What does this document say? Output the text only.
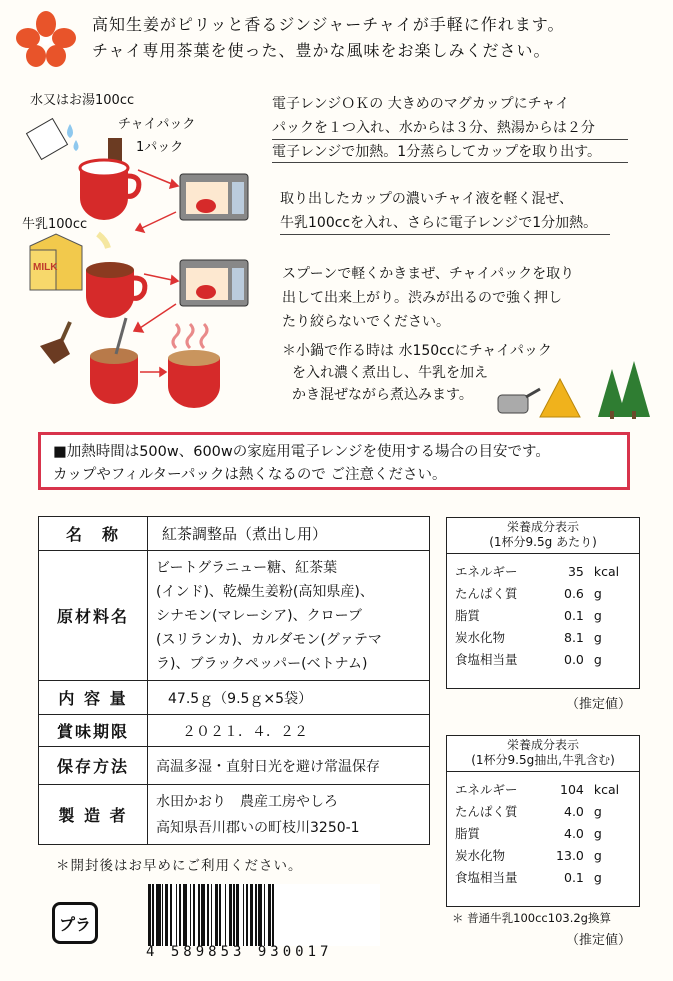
高知生姜がピリッと香るジンジャーチャイが手軽に作れます。
チャイ専用茶葉を使った、豊かな風味をお楽しみください。
水又はお湯100cc
チャイパック
1パック
牛乳100cc
MILK
電子レンジＯＫの 大きめのマグカップにチャイ
パックを１つ入れ、水からは３分、熱湯からは２分
電子レンジで加熱。1分蒸らしてカップを取り出す。
取り出したカップの濃いチャイ液を軽く混ぜ、
牛乳100ccを入れ、さらに電子レンジで1分加熱。
スプーンで軽くかきまぜ、チャイパックを取り
出して出来上がり。渋みが出るので強く押し
たり絞らないでください。
＊小鍋で作る時は 水150ccにチャイパック
を入れ濃く煮出し、牛乳を加え
かき混ぜながら煮込みます。
■加熱時間は500w、600wの家庭用電子レンジを使用する場合の目安です。
カップやフィルターパックは熱くなるので ご注意ください。
名　称	紅茶調整品（煮出し用）
原材料名	ビートグラニュー糖、紅茶葉
(インド)、乾燥生姜粉(高知県産)、
シナモン(マレーシア)、クローブ
(スリランカ)、カルダモン(グァテマ
ラ)、ブラックペッパー(ベトナム)

内 容 量	47.5ｇ（9.5ｇ×5袋）
賞味期限	２０２１．４．２２
保存方法	高温多湿・直射日光を避け常温保存
製 造 者	水田かおり　農産工房やしろ
高知県吾川郡いの町枝川3250-1
＊開封後はお早めにご利用ください。
栄養成分表示
(1杯分9.5g あたり)
エネルギー	35 kcal
たんぱく質	0.6 g
脂質	0.1 g
炭水化物	8.1 g
食塩相当量	0.0 g
（推定値）
栄養成分表示
(1杯分9.5g抽出,牛乳含む)
エネルギー	104 kcal
たんぱく質	4.0 g
脂質	4.0 g
炭水化物	13.0 g
食塩相当量	0.1 g
＊ 普通牛乳100cc103.2g換算
（推定値）
プラ
4 589853 930017
